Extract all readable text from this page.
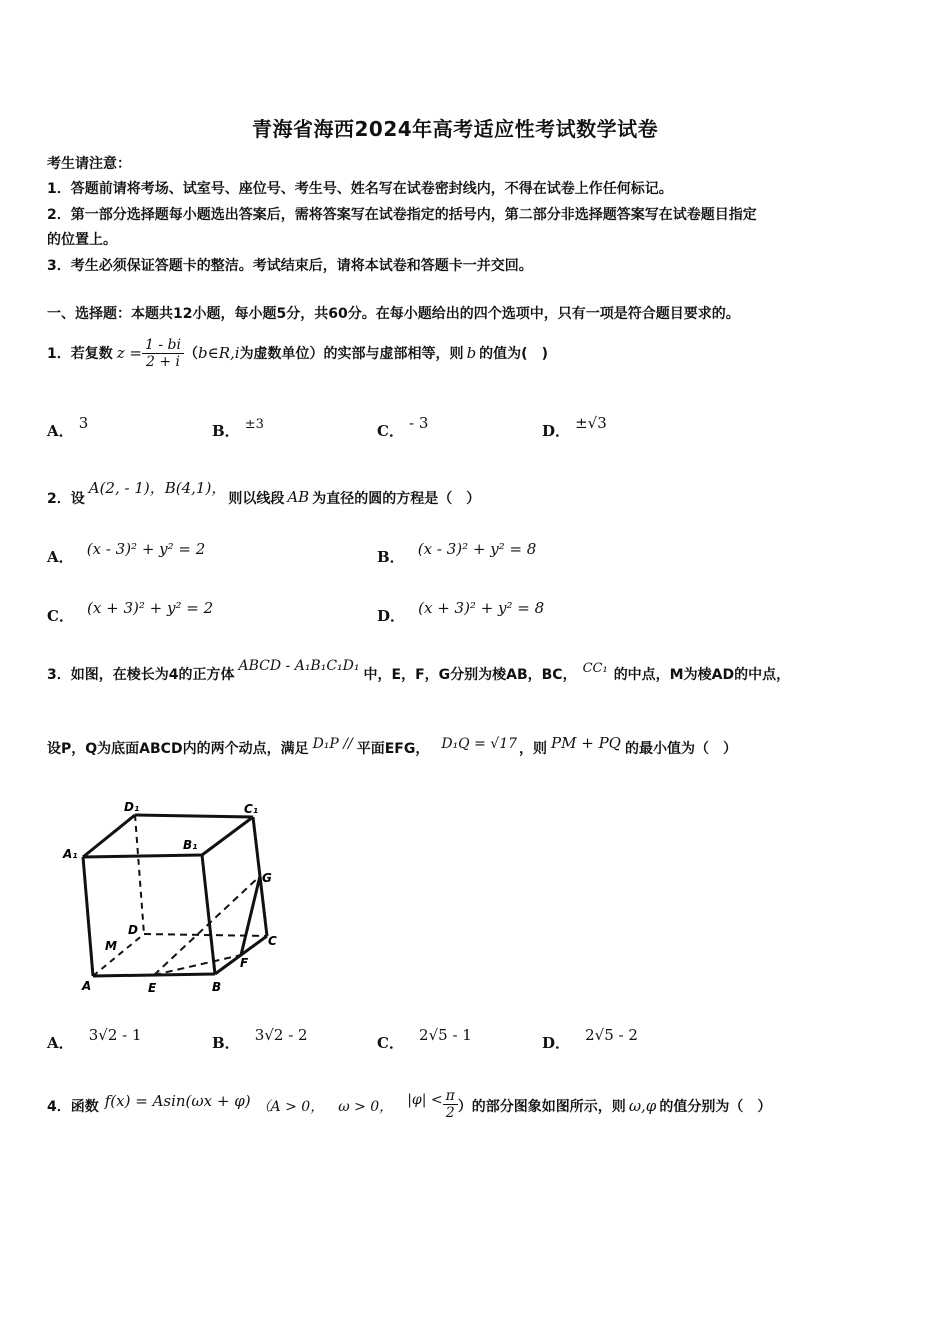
青海省海西2024年高考适应性考试数学试卷
考生请注意：
1．答题前请将考场、试室号、座位号、考生号、姓名写在试卷密封线内，不得在试卷上作任何标记。
2．第一部分选择题每小题选出答案后，需将答案写在试卷指定的括号内，第二部分非选择题答案写在试卷题目指定
的位置上。
3．考生必须保证答题卡的整洁。考试结束后，请将本试卷和答题卡一并交回。
一、选择题：本题共12小题，每小题5分，共60分。在每小题给出的四个选项中，只有一项是符合题目要求的。
1．若复数 $z = \frac{1 - bi}{2 + i}$ （ b∈R,i 为虚数单位）的实部与虚部相等，则 b 的值为(　)
A． 3	B． $^{\pm 3}$	C． - 3	D． ±√3
2．设
A(2, - 1)，B(4,1)，
则以线段 AB 为直径的圆的方程是（　）
A． (x - 3)² + y² = 2	B． (x - 3)² + y² = 8
C． (x + 3)² + y² = 2	D． (x + 3)² + y² = 8
3．如图，在棱长为4的正方体
ABCD - A₁B₁C₁D₁
中，E，F，G分别为棱AB，BC， CC₁ 的中点，M为棱AD的中点，
设P，Q为底面ABCD内的两个动点，满足 D₁P // 平面EFG， D₁Q = √17 ，则 PM + PQ 的最小值为（　）
D₁	C₁
A₁
B₁
G
D
C
M
F
A	E	B
A． 3√2 - 1	B． 3√2 - 2	C． 2√5 - 1	D． 2√5 - 2
4．函数 f(x) = Asin(ωx + φ) （A > 0， ω > 0， $|\varphi| < \frac{\pi}{2}$ ）的部分图象如图所示，则 ω,φ 的值分别为（　）
